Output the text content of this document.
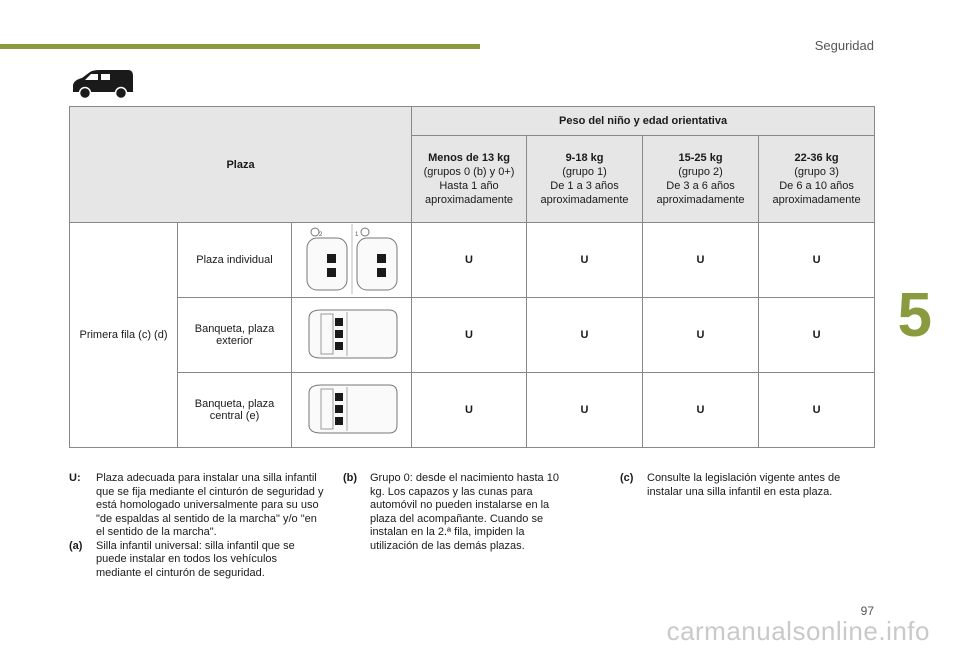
Seguridad
5
Plaza			Peso del niño y edad orientativa			

			Menos de 13 kg
(grupos 0 (b) y 0+)
Hasta 1 año
aproximadamente	9-18 kg
(grupo 1)
De 1 a 3 años
aproximadamente	15-25 kg
(grupo 2)
De 3 a 6 años
aproximadamente	22-36 kg
(grupo 3)
De 6 a 10 años
aproximadamente
Primera fila (c) (d)	Plaza individual	2 1	U	U	U	U
	Banqueta, plaza exterior		U	U	U	U
	Banqueta, plaza central (e)		U	U	U	U
U:	Plaza adecuada para instalar una silla infantil que se fija mediante el cinturón de seguridad y está homologado universalmente para su uso "de espaldas al sentido de la marcha" y/o "en el sentido de la marcha".
(a)	Silla infantil universal: silla infantil que se puede instalar en todos los vehículos mediante el cinturón de seguridad.
(b)	Grupo 0: desde el nacimiento hasta 10 kg. Los capazos y las cunas para automóvil no pueden instalarse en la plaza del acompañante. Cuando se instalan en la 2.ª fila, impiden la utilización de las demás plazas.
(c)	Consulte la legislación vigente antes de instalar una silla infantil en esta plaza.
97
carmanualsonline.info
